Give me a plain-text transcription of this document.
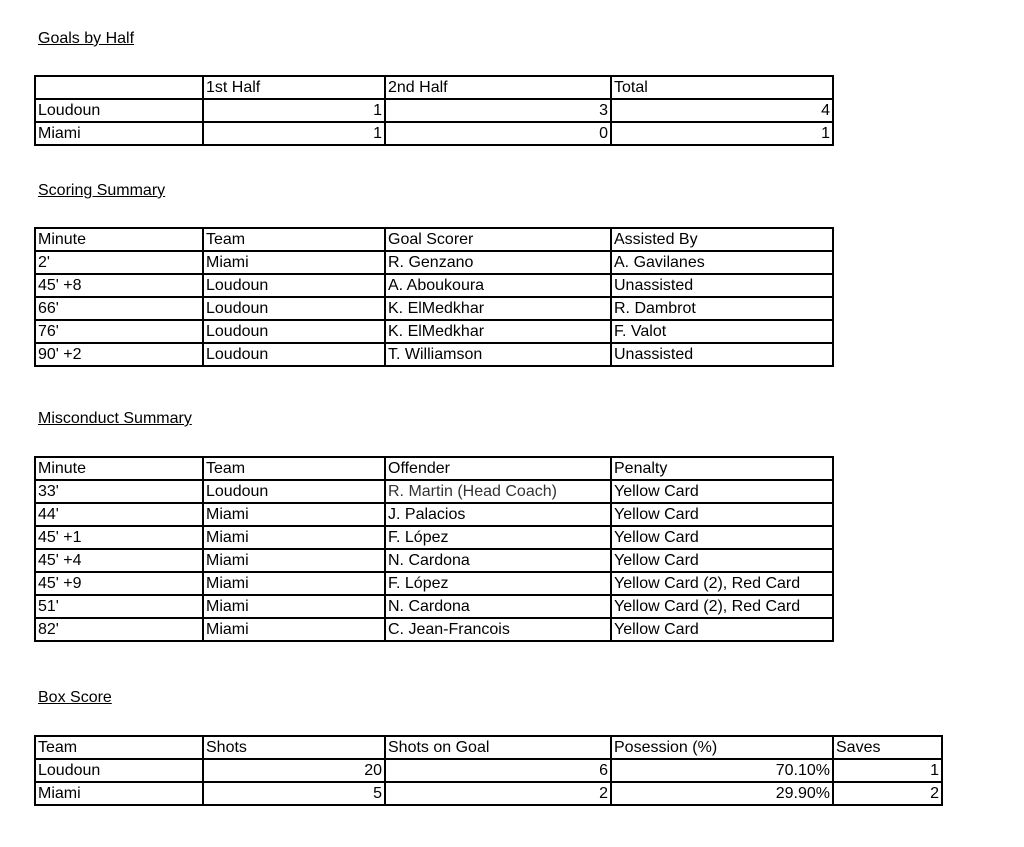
Goals by Half
	1st Half	2nd Half	Total
Loudoun	1	3	4
Miami	1	0	1
Scoring Summary
Minute	Team	Goal Scorer	Assisted By
2'	Miami	R. Genzano	A. Gavilanes
45' +8	Loudoun	A. Aboukoura	Unassisted
66'	Loudoun	K. ElMedkhar	R. Dambrot
76'	Loudoun	K. ElMedkhar	F. Valot
90' +2	Loudoun	T. Williamson	Unassisted
Misconduct Summary
Minute	Team	Offender	Penalty
33'	Loudoun	R. Martin (Head Coach)	Yellow Card
44'	Miami	J. Palacios	Yellow Card
45' +1	Miami	F. López	Yellow Card
45' +4	Miami	N. Cardona	Yellow Card
45' +9	Miami	F. López	Yellow Card (2), Red Card
51'	Miami	N. Cardona	Yellow Card (2), Red Card
82'	Miami	C. Jean-Francois	Yellow Card
Box Score
Team	Shots	Shots on Goal	Posession (%)	Saves
Loudoun	20	6	70.10%	1
Miami	5	2	29.90%	2
